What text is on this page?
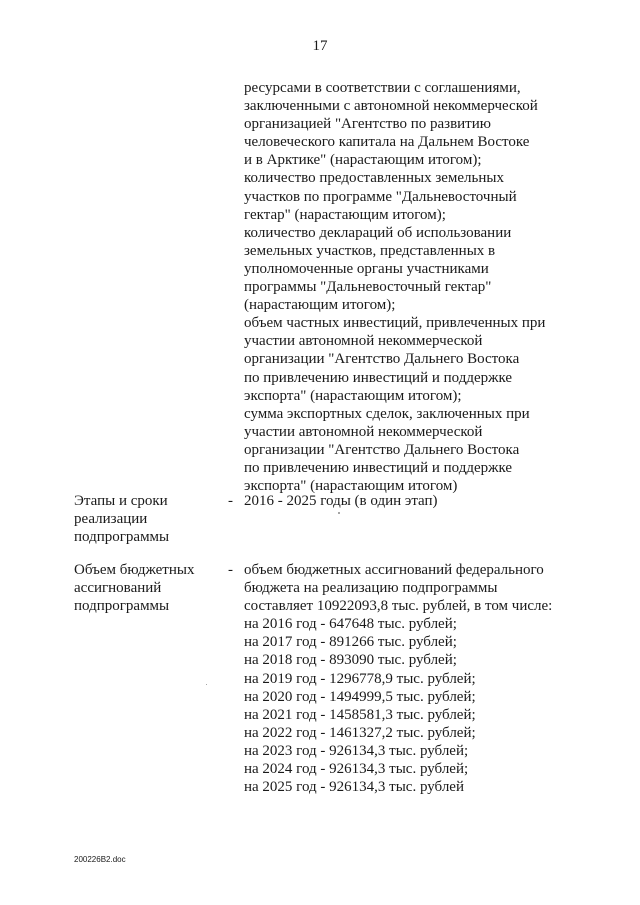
17
ресурсами в соответствии с соглашениями,
заключенными с автономной некоммерческой
организацией "Агентство по развитию
человеческого капитала на Дальнем Востоке
и в Арктике" (нарастающим итогом);
количество предоставленных земельных
участков по программе "Дальневосточный
гектар" (нарастающим итогом);
количество деклараций об использовании
земельных участков, представленных в
уполномоченные органы участниками
программы "Дальневосточный гектар"
(нарастающим итогом);
объем частных инвестиций, привлеченных при
участии автономной некоммерческой
организации "Агентство Дальнего Востока
по привлечению инвестиций и поддержке
экспорта" (нарастающим итогом);
сумма экспортных сделок, заключенных при
участии автономной некоммерческой
организации "Агентство Дальнего Востока
по привлечению инвестиций и поддержке
экспорта" (нарастающим итогом)
Этапы и сроки
реализации
подпрограммы
- 2016 - 2025 годы (в один этап)
Объем бюджетных
ассигнований
подпрограммы
- объем бюджетных ассигнований федерального
бюджета на реализацию подпрограммы
составляет 10922093,8 тыс. рублей, в том числе:
на 2016 год - 647648 тыс. рублей;
на 2017 год - 891266 тыс. рублей;
на 2018 год - 893090 тыс. рублей;
на 2019 год - 1296778,9 тыс. рублей;
на 2020 год - 1494999,5 тыс. рублей;
на 2021 год - 1458581,3 тыс. рублей;
на 2022 год - 1461327,2 тыс. рублей;
на 2023 год - 926134,3 тыс. рублей;
на 2024 год - 926134,3 тыс. рублей;
на 2025 год - 926134,3 тыс. рублей
200226B2.doc
